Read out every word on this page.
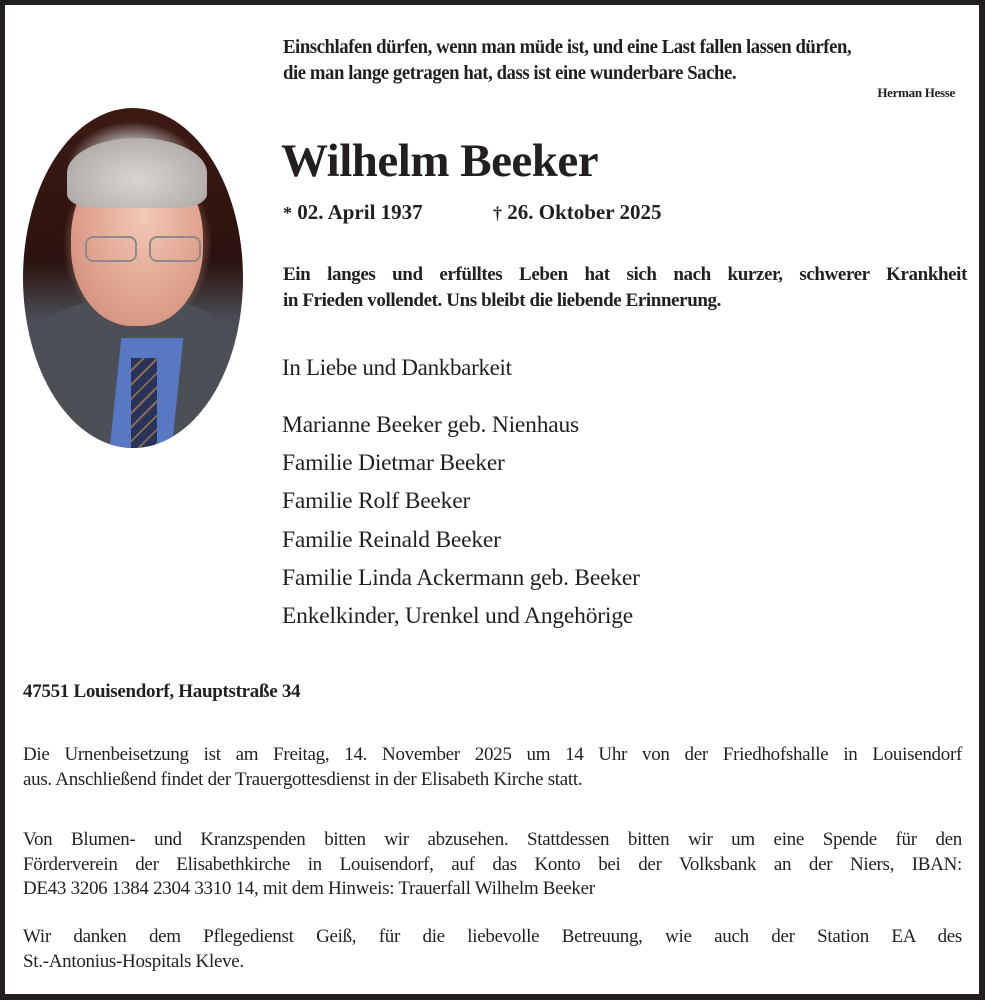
Einschlafen dürfen, wenn man müde ist, und eine Last fallen lassen dürfen,
die man lange getragen hat, dass ist eine wunderbare Sache.
Herman Hesse
Wilhelm Beeker
* 02. April 1937	† 26. Oktober 2025
Ein langes und erfülltes Leben hat sich nach kurzer, schwerer Krankheit
in Frieden vollendet. Uns bleibt die liebende Erinnerung.
In Liebe und Dankbarkeit
Marianne Beeker geb. Nienhaus
Familie Dietmar Beeker
Familie Rolf Beeker
Familie Reinald Beeker
Familie Linda Ackermann geb. Beeker
Enkelkinder, Urenkel und Angehörige
47551 Louisendorf, Hauptstraße 34
Die Urnenbeisetzung ist am Freitag, 14. November 2025 um 14 Uhr von der Friedhofshalle in Louisendorf
aus. Anschließend findet der Trauergottesdienst in der Elisabeth Kirche statt.
Von Blumen- und Kranzspenden bitten wir abzusehen. Stattdessen bitten wir um eine Spende für den
Förderverein der Elisabethkirche in Louisendorf, auf das Konto bei der Volksbank an der Niers, IBAN:
DE43 3206 1384 2304 3310 14, mit dem Hinweis: Trauerfall Wilhelm Beeker
Wir danken dem Pflegedienst Geiß, für die liebevolle Betreuung, wie auch der Station EA des
St.-Antonius-Hospitals Kleve.
